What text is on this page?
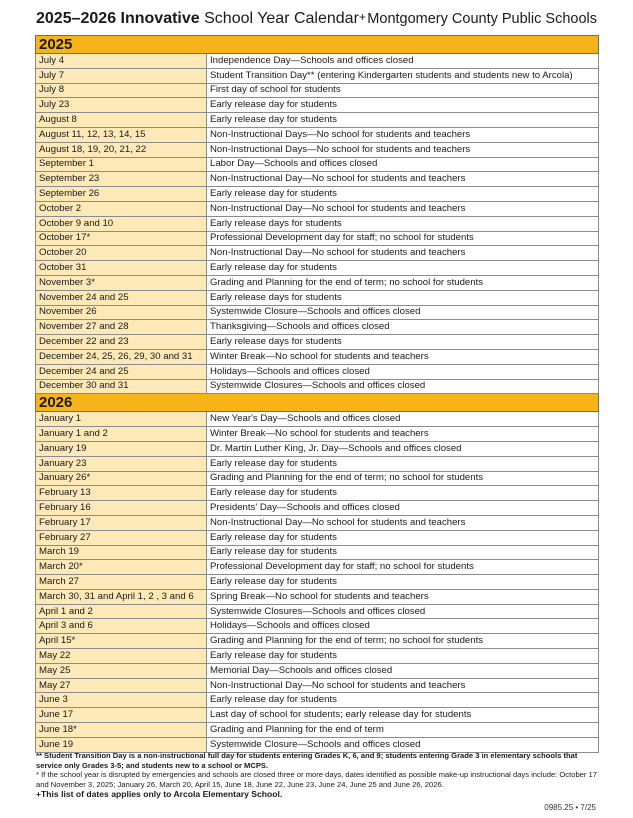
2025–2026 Innovative School Year Calendar+ Montgomery County Public Schools
2025	
July 4	Independence Day—Schools and offices closed
July 7	Student Transition Day** (entering Kindergarten students and students new to Arcola)
July 8	First day of school for students
July 23	Early release day for students
August 8	Early release day for students
August 11, 12, 13, 14, 15	Non-Instructional Days—No school for students and teachers
August 18, 19, 20, 21, 22	Non-Instructional Days—No school for students and teachers
September 1	Labor Day—Schools and offices closed
September 23	Non-Instructional Day—No school for students and teachers
September 26	Early release day for students
October 2	Non-Instructional Day—No school for students and teachers
October 9 and 10	Early release days for students
October 17*	Professional Development day for staff; no school for students
October 20	Non-Instructional Day—No school for students and teachers
October 31	Early release day for students
November 3*	Grading and Planning for the end of term; no school for students
November 24 and 25	Early release days for students
November 26	Systemwide Closure—Schools and offices closed
November 27 and 28	Thanksgiving—Schools and offices closed
December 22 and 23	Early release days for students
December 24, 25, 26, 29, 30 and 31	Winter Break—No school for students and teachers
December 24 and 25	Holidays—Schools and offices closed
December 30 and 31	Systemwide Closures—Schools and offices closed
2026	
January 1	New Year's Day—Schools and offices closed
January 1 and 2	Winter Break—No school for students and teachers
January 19	Dr. Martin Luther King, Jr. Day—Schools and offices closed
January 23	Early release day for students
January 26*	Grading and Planning for the end of term; no school for students
February 13	Early release day for students
February 16	Presidents' Day—Schools and offices closed
February 17	Non-Instructional Day—No school for students and teachers
February 27	Early release day for students
March 19	Early release day for students
March 20*	Professional Development day for staff; no school for students
March 27	Early release day for students
March 30, 31 and April 1, 2 , 3 and 6	Spring Break—No school for students and teachers
April 1 and 2	Systemwide Closures—Schools and offices closed
April 3 and 6	Holidays—Schools and offices closed
April 15*	Grading and Planning for the end of term; no school for students
May 22	Early release day for students
May 25	Memorial Day—Schools and offices closed
May 27	Non-Instructional Day—No school for students and teachers
June 3	Early release day for students
June 17	Last day of school for students; early release day for students
June 18*	Grading and Planning for the end of term
June 19	Systemwide Closure—Schools and offices closed

** Student Transition Day is a non-instructional full day for students entering Grades K, 6, and 9; students entering Grade 3 in elementary schools that service only Grades 3-5; and students new to a school or MCPS.

* If the school year is disrupted by emergencies and schools are closed three or more days, dates identified as possible make-up instructional days include: October 17 and November 3, 2025; January 26, March 20, April 15, June 18, June 22, June 23, June 24, June 25 and June 26, 2026.

+This list of dates applies only to Arcola Elementary School.

0985.25 • 7/25
